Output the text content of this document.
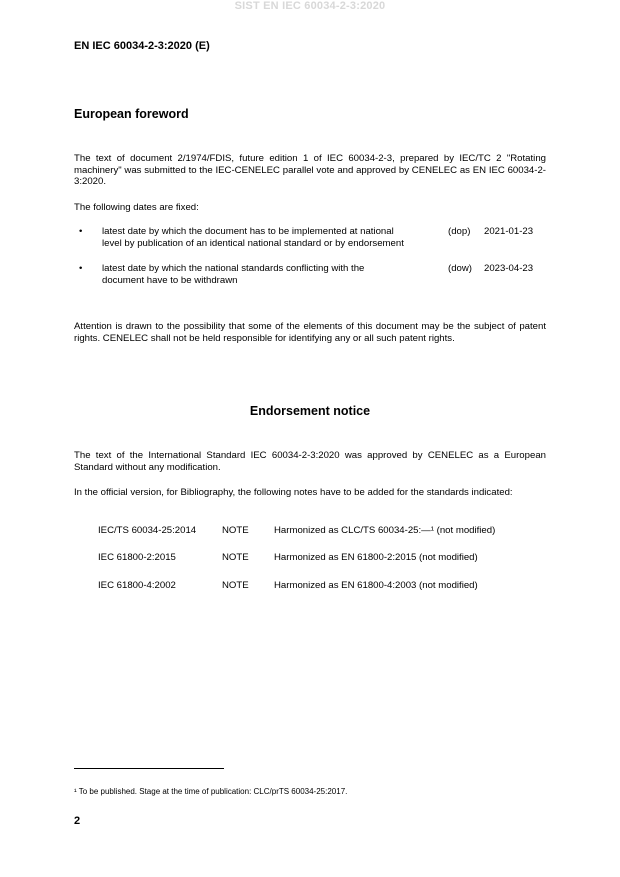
SIST EN IEC 60034-2-3:2020
EN IEC 60034-2-3:2020 (E)
European foreword
The text of document 2/1974/FDIS, future edition 1 of IEC 60034-2-3, prepared by IEC/TC 2 "Rotating machinery" was submitted to the IEC-CENELEC parallel vote and approved by CENELEC as EN IEC 60034-2-3:2020.
The following dates are fixed:
• latest date by which the document has to be implemented at national
level by publication of an identical national standard or by endorsement
(dop) 2021-01-23
• latest date by which the national standards conflicting with the
document have to be withdrawn
(dow) 2023-04-23
Attention is drawn to the possibility that some of the elements of this document may be the subject of patent rights. CENELEC shall not be held responsible for identifying any or all such patent rights.
Endorsement notice
The text of the International Standard IEC 60034-2-3:2020 was approved by CENELEC as a European Standard without any modification.
In the official version, for Bibliography, the following notes have to be added for the standards indicated:
IEC/TS 60034-25:2014	NOTE	Harmonized as CLC/TS 60034-25:—¹ (not modified)
IEC 61800-2:2015	NOTE	Harmonized as EN 61800-2:2015 (not modified)
IEC 61800-4:2002	NOTE	Harmonized as EN 61800-4:2003 (not modified)
¹ To be published. Stage at the time of publication: CLC/prTS 60034-25:2017.
2
